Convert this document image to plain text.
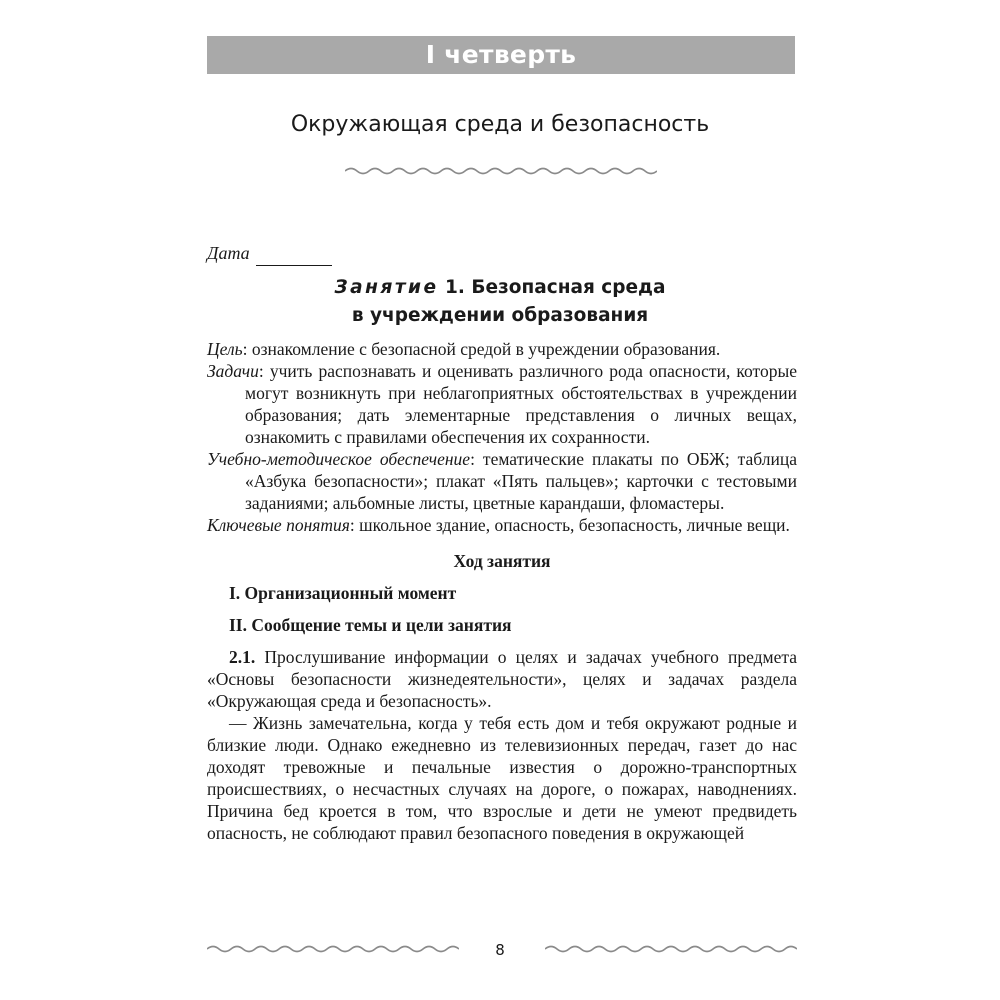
I четверть
Окружающая среда и безопасность
Дата
Занятие 1. Безопасная среда
в учреждении образования

Цель: ознакомление с безопасной средой в учреждении образования.

Задачи: учить распознавать и оценивать различного рода опасности, которые могут возникнуть при неблагоприятных обстоятельствах в учреждении образования; дать элементарные представления о личных вещах, ознакомить с правилами обеспечения их сохранности.

Учебно-методическое обеспечение: тематические плакаты по ОБЖ; таблица «Азбука безопасности»; плакат «Пять пальцев»; карточки с тестовыми заданиями; альбомные листы, цветные карандаши, фломастеры.

Ключевые понятия: школьное здание, опасность, безопасность, личные вещи.

Ход занятия
I. Организационный момент
II. Сообщение темы и цели занятия

2.1. Прослушивание информации о целях и задачах учебного предмета «Основы безопасности жизнедеятельности», целях и задачах раздела «Окружающая среда и безопасность».

— Жизнь замечательна, когда у тебя есть дом и тебя окружают родные и близкие люди. Однако ежедневно из телевизионных передач, газет до нас доходят тревожные и печальные известия о дорожно-транспортных происшествиях, о несчастных случаях на дороге, о пожарах, наводнениях. Причина бед кроется в том, что взрослые и дети не умеют предвидеть опасность, не соблюдают правил безопасного поведения в окружающей

8
